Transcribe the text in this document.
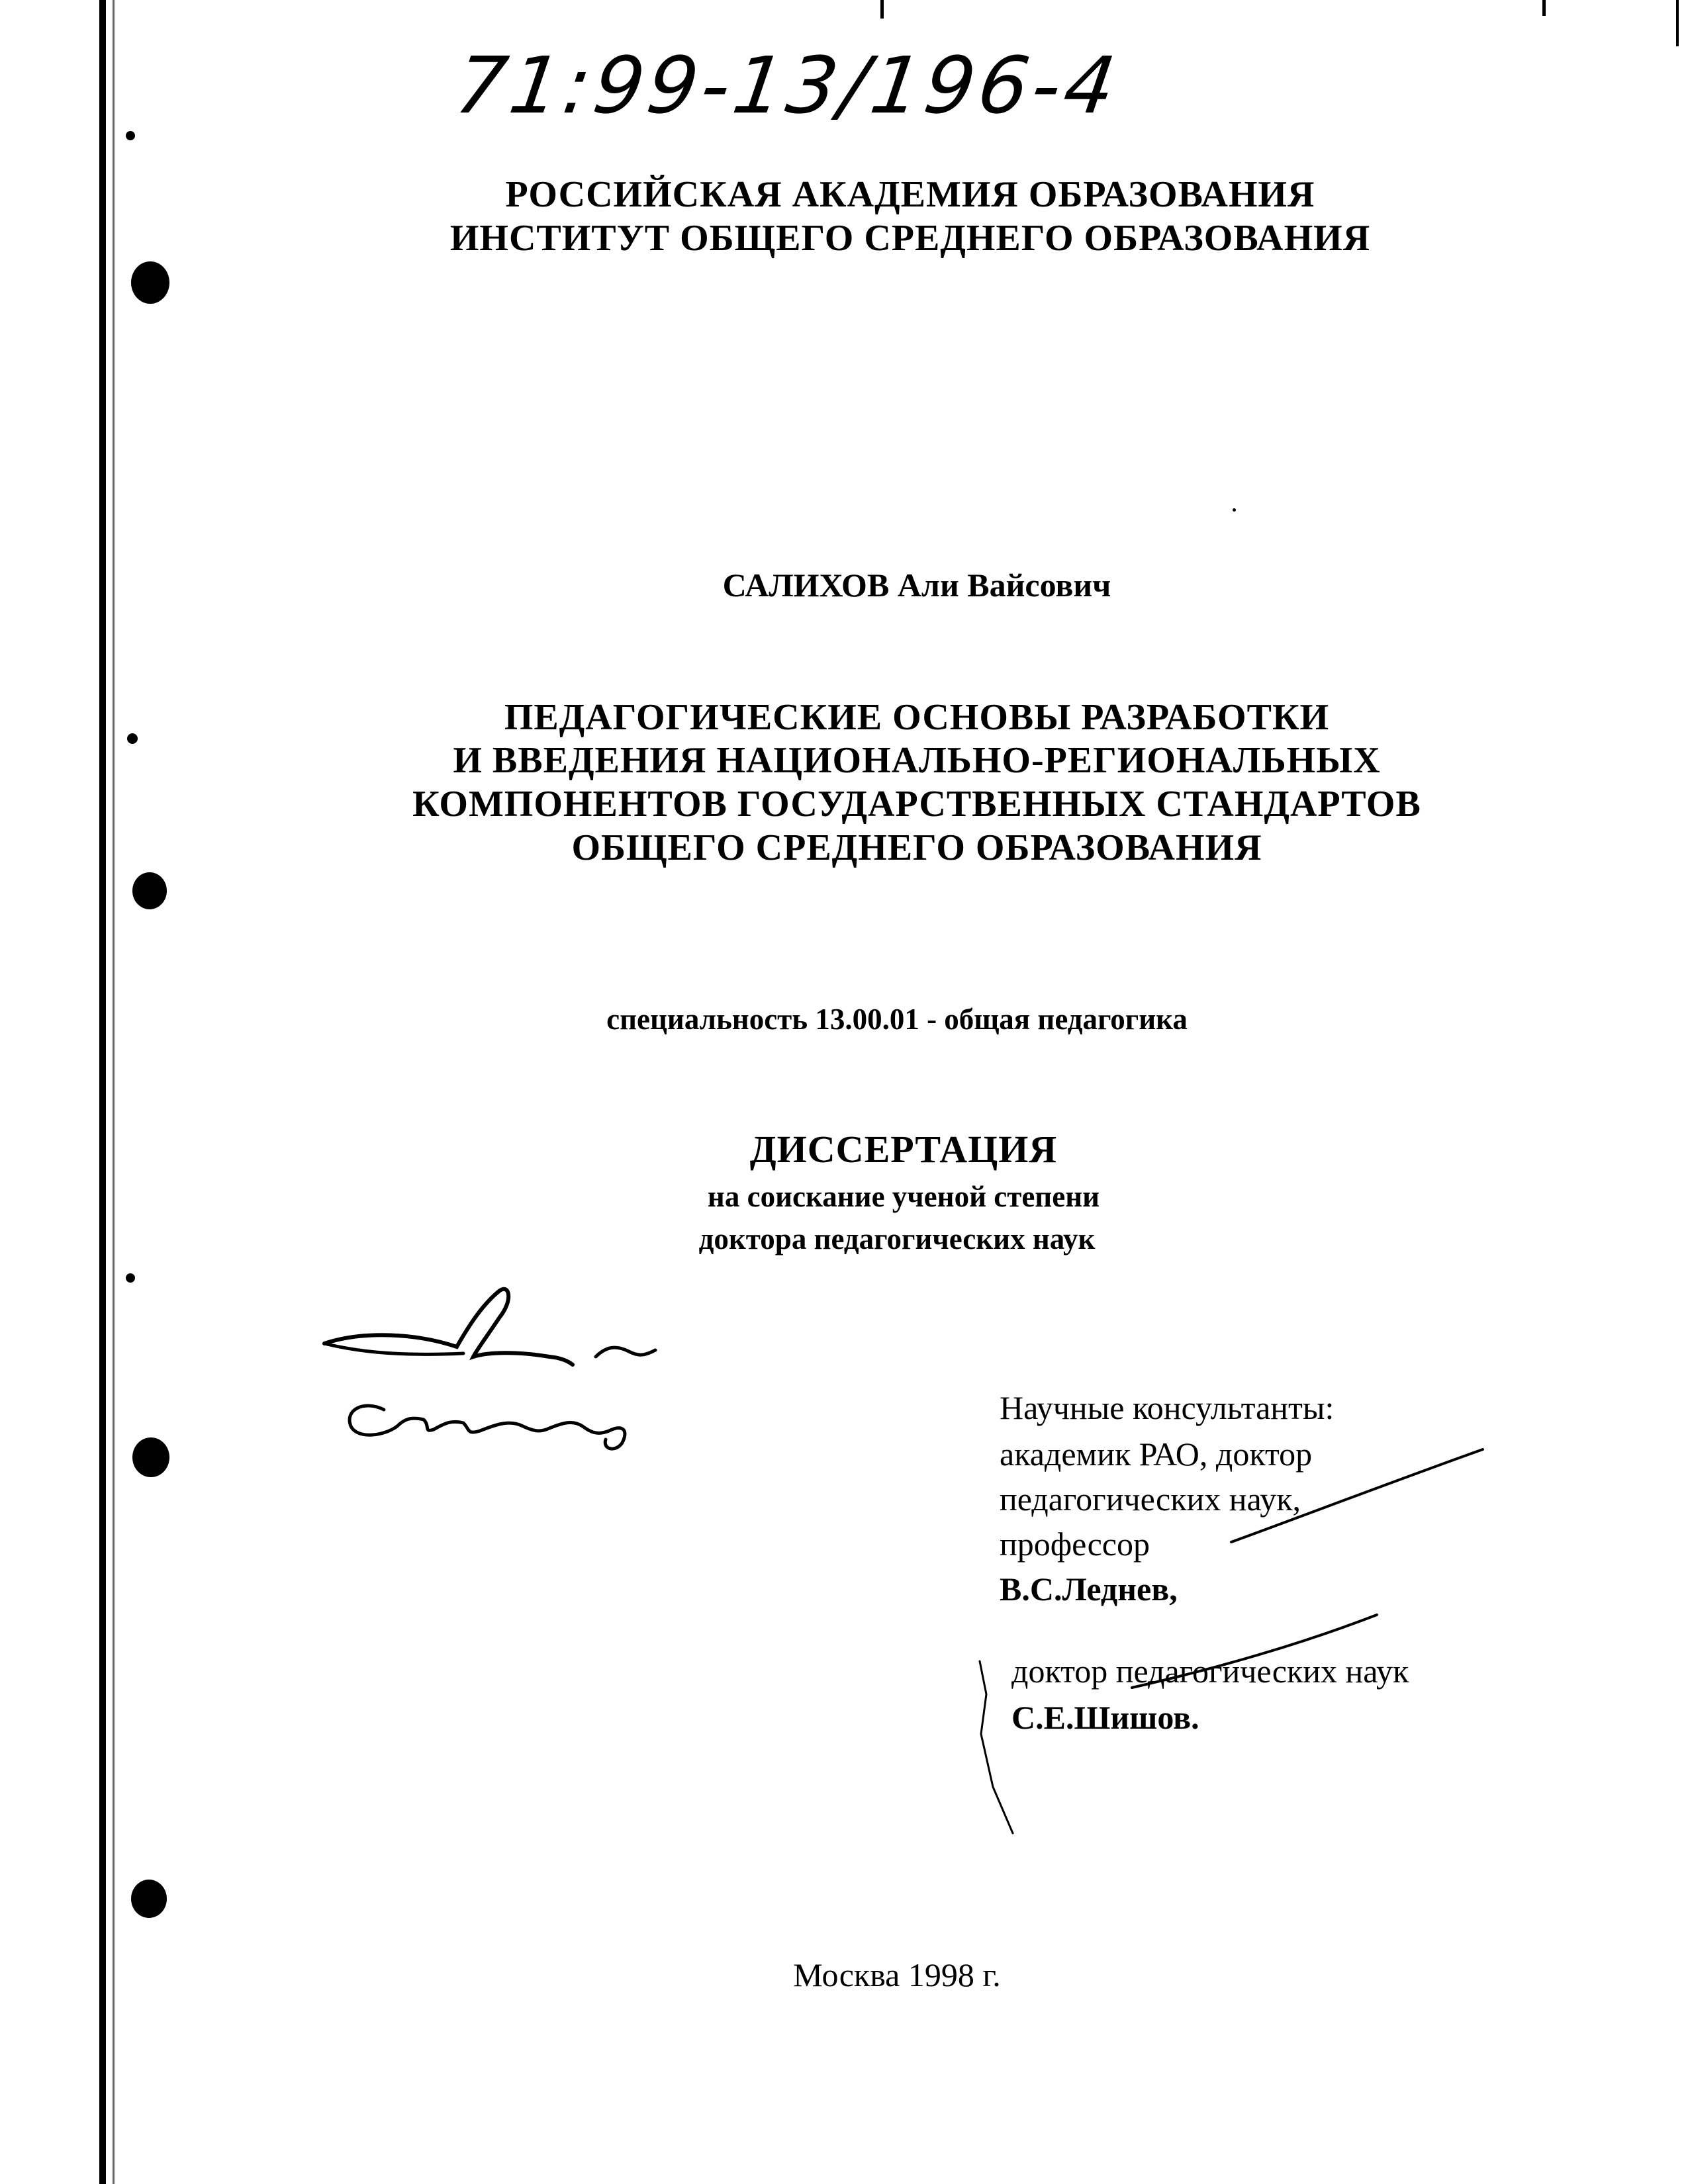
71:99-13/196-4
РОССИЙСКАЯ АКАДЕМИЯ ОБРАЗОВАНИЯ
ИНСТИТУТ ОБЩЕГО СРЕДНЕГО ОБРАЗОВАНИЯ
САЛИХОВ Али Вайсович
ПЕДАГОГИЧЕСКИЕ ОСНОВЫ РАЗРАБОТКИ
И ВВЕДЕНИЯ НАЦИОНАЛЬНО-РЕГИОНАЛЬНЫХ
КОМПОНЕНТОВ ГОСУДАРСТВЕННЫХ СТАНДАРТОВ
ОБЩЕГО СРЕДНЕГО ОБРАЗОВАНИЯ
специальность 13.00.01 - общая педагогика
ДИССЕРТАЦИЯ
на соискание ученой степени
доктора педагогических наук
Научные консультанты:
академик РАО, доктор
педагогических наук,
профессор
В.С.Леднев,
доктор педагогических наук
С.Е.Шишов.
Москва 1998 г.
